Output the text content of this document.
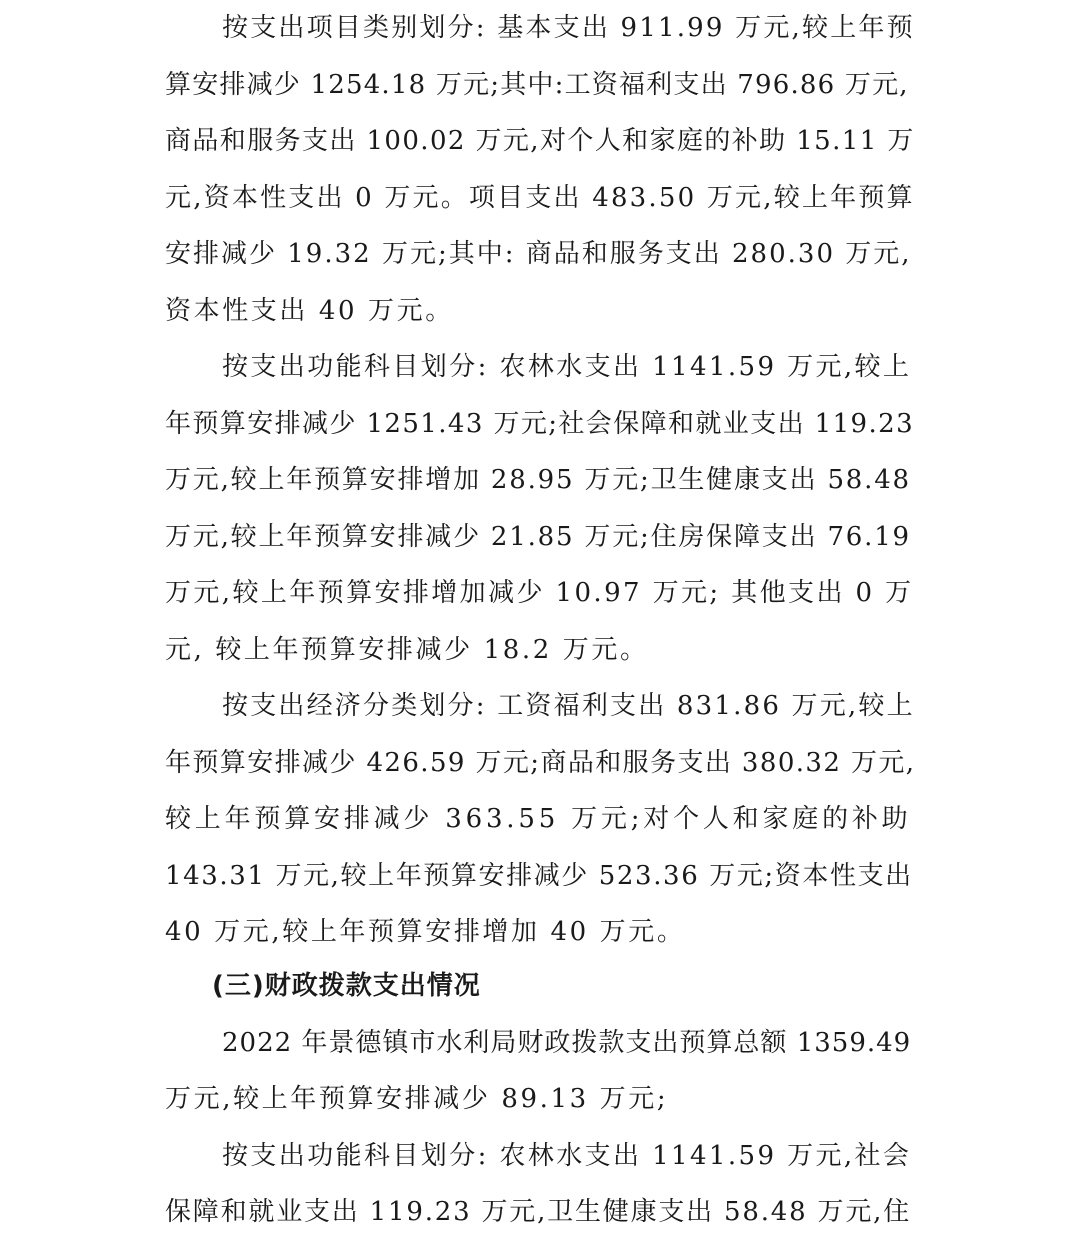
按支出项目类别划分: 基本支出 911.99 万元,较上年预
算安排减少 1254.18 万元;其中:工资福利支出 796.86 万元,
商品和服务支出 100.02 万元,对个人和家庭的补助 15.11 万
元,资本性支出 0 万元。项目支出 483.50 万元,较上年预算
安排减少 19.32 万元;其中: 商品和服务支出 280.30 万元,
资本性支出 40 万元。
按支出功能科目划分: 农林水支出 1141.59 万元,较上
年预算安排减少 1251.43 万元;社会保障和就业支出 119.23
万元,较上年预算安排增加 28.95 万元;卫生健康支出 58.48
万元,较上年预算安排减少 21.85 万元;住房保障支出 76.19
万元,较上年预算安排增加减少 10.97 万元; 其他支出 0 万
元, 较上年预算安排减少 18.2 万元。
按支出经济分类划分: 工资福利支出 831.86 万元,较上
年预算安排减少 426.59 万元;商品和服务支出 380.32 万元,
较上年预算安排减少 363.55 万元;对个人和家庭的补助
143.31 万元,较上年预算安排减少 523.36 万元;资本性支出
40 万元,较上年预算安排增加 40 万元。
(三)财政拨款支出情况
2022 年景德镇市水利局财政拨款支出预算总额 1359.49
万元,较上年预算安排减少 89.13 万元;
按支出功能科目划分: 农林水支出 1141.59 万元,社会
保障和就业支出 119.23 万元,卫生健康支出 58.48 万元,住
